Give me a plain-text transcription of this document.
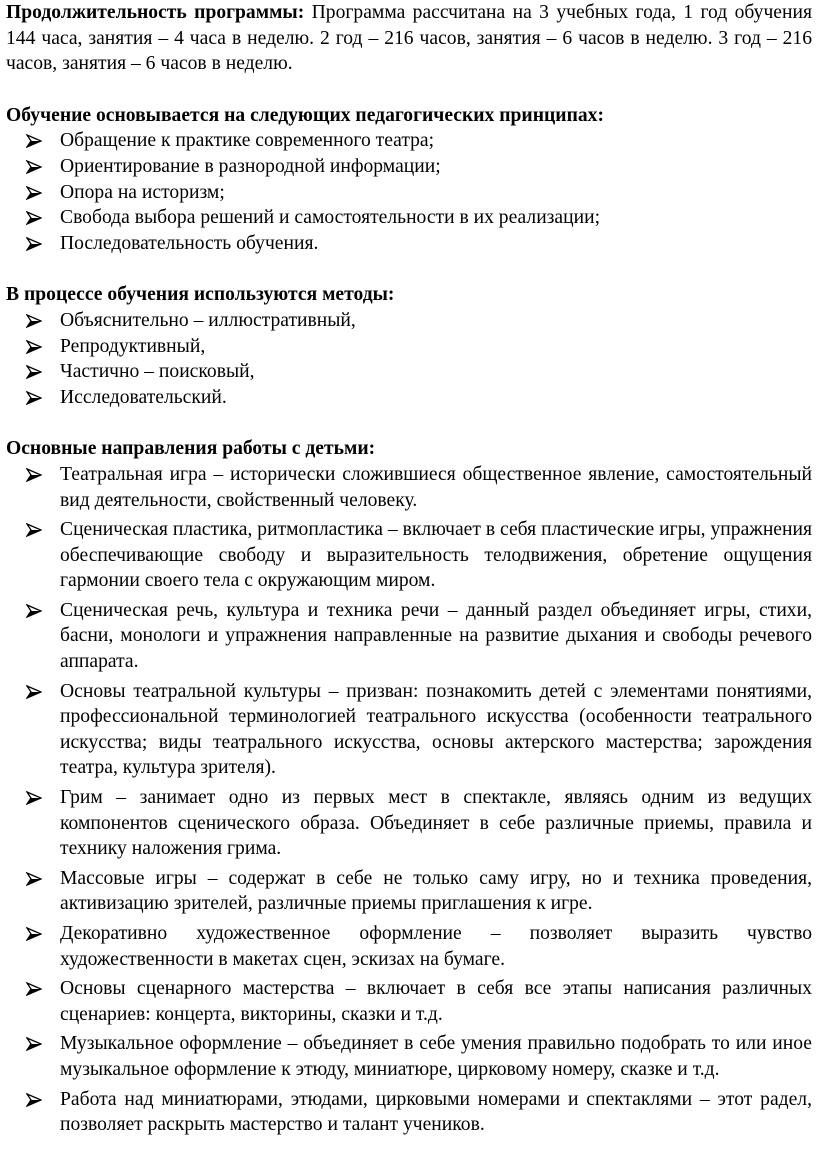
Продолжительность программы: Программа рассчитана на 3 учебных года, 1 год обучения 144 часа, занятия – 4 часа в неделю. 2 год – 216 часов, занятия – 6 часов в неделю. 3 год – 216 часов, занятия – 6 часов в неделю.

Обучение основывается на следующих педагогических принципах:

Обращение к практике современного театра;
Ориентирование в разнородной информации;
Опора на историзм;
Свобода выбора решений и самостоятельности в их реализации;
Последовательность обучения.

В процессе обучения используются методы:

Объяснительно – иллюстративный,
Репродуктивный,
Частично – поисковый,
Исследовательский.

Основные направления работы с детьми:

Театральная игра – исторически сложившиеся общественное явление, самостоятельный вид деятельности, свойственный человеку.
Сценическая пластика, ритмопластика – включает в себя пластические игры, упражнения обеспечивающие свободу и выразительность телодвижения, обретение ощущения гармонии своего тела с окружающим миром.
Сценическая речь, культура и техника речи – данный раздел объединяет игры, стихи, басни, монологи и упражнения направленные на развитие дыхания и свободы речевого аппарата.
Основы театральной культуры – призван: познакомить детей с элементами понятиями, профессиональной терминологией театрального искусства (особенности театрального искусства; виды театрального искусства, основы актерского мастерства; зарождения театра, культура зрителя).
Грим – занимает одно из первых мест в спектакле, являясь одним из ведущих компонентов сценического образа. Объединяет в себе различные приемы, правила и технику наложения грима.
Массовые игры – содержат в себе не только саму игру, но и техника проведения, активизацию зрителей, различные приемы приглашения к игре.
Декоративно художественное оформление – позволяет выразить чувство художественности в макетах сцен, эскизах на бумаге.
Основы сценарного мастерства – включает в себя все этапы написания различных сценариев: концерта, викторины, сказки и т.д.
Музыкальное оформление – объединяет в себе умения правильно подобрать то или иное музыкальное оформление к этюду, миниатюре, цирковому номеру, сказке и т.д.
Работа над миниатюрами, этюдами, цирковыми номерами и спектаклями – этот радел, позволяет раскрыть мастерство и талант учеников.
